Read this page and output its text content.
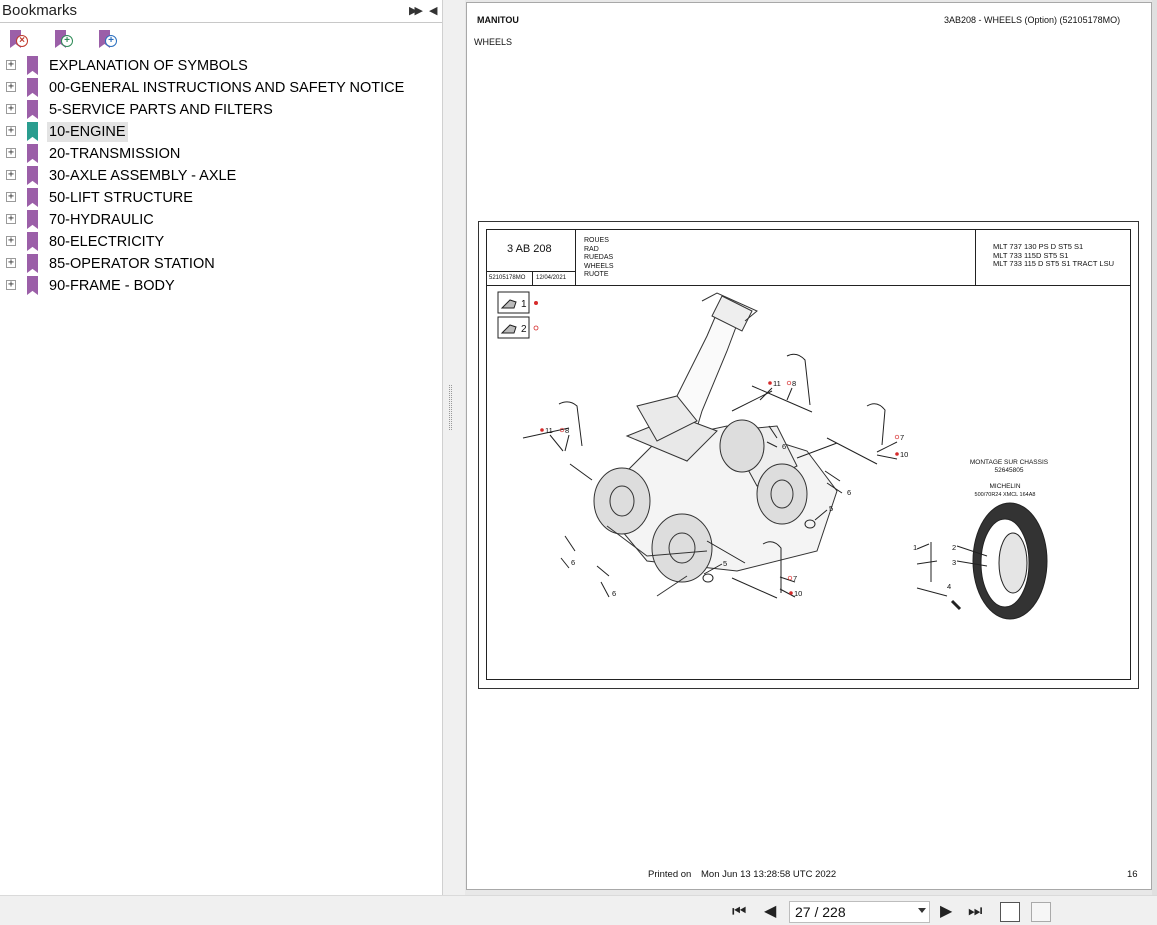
Bookmarks	▶▶ ◀
×	+	+
+ EXPLANATION OF SYMBOLS
+ 00-GENERAL INSTRUCTIONS AND SAFETY NOTICE
+ 5-SERVICE PARTS AND FILTERS
+ 10-ENGINE
+ 20-TRANSMISSION
+ 30-AXLE ASSEMBLY - AXLE
+ 50-LIFT STRUCTURE
+ 70-HYDRAULIC
+ 80-ELECTRICITY
+ 85-OPERATOR STATION
+ 90-FRAME - BODY
MANITOU	3AB208 - WHEELS (Option) (52105178MO)
WHEELS
3 AB 208
52105178MO 12/04/2021
ROUES
RAD
RUEDAS
WHEELS
RUOTE
MLT 737 130 PS D ST5 S1
MLT 733 115D ST5 S1
MLT 733 115 D ST5 S1 TRACT LSU
1
2
11 8
11 8
7
10
6
6
5
6
6
5
7
10
MONTAGE SUR CHASSIS
52645805
MICHELIN
500/70R24 XMCL 164A8
1	2
3
4
Printed on Mon Jun 13 13:28:58 UTC 2022	16
⏮ ◀	27 / 228	▶ ⏭
